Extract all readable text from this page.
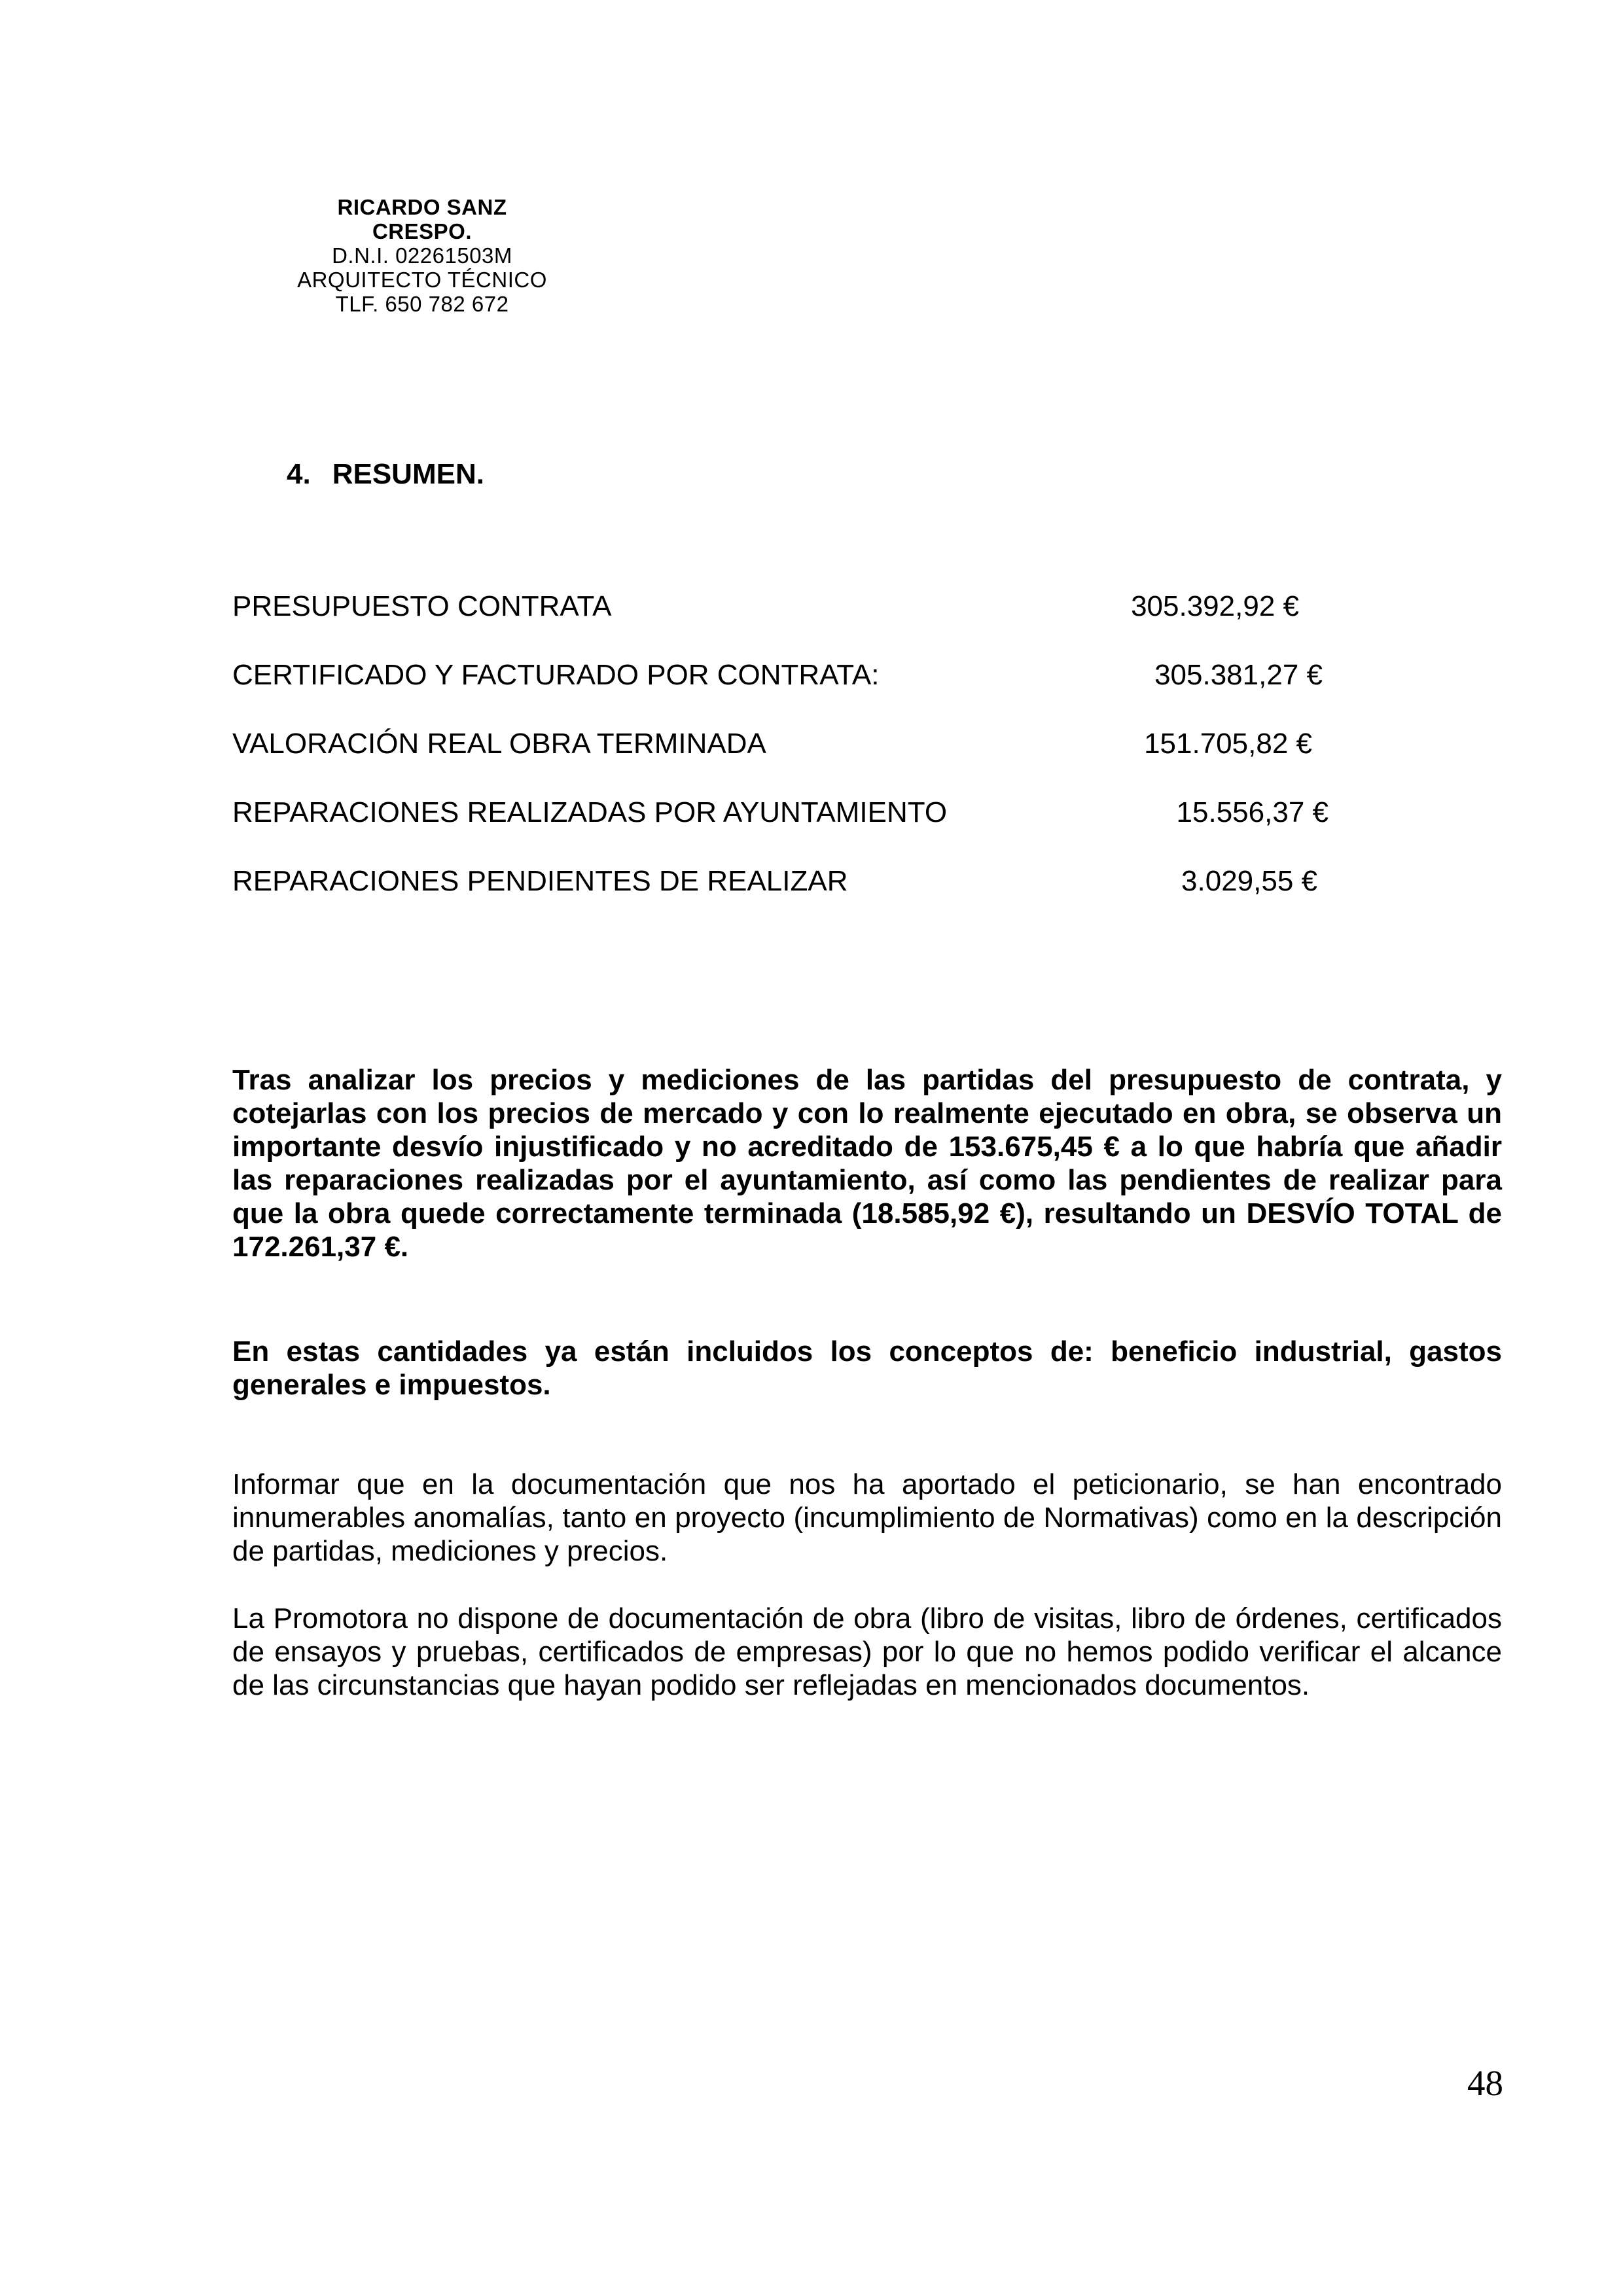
RICARDO SANZ CRESPO.
D.N.I. 02261503M
ARQUITECTO TÉCNICO
TLF. 650 782 672
4. RESUMEN.
PRESUPUESTO CONTRATA	305.392,92 €
CERTIFICADO Y FACTURADO POR CONTRATA:	305.381,27 €
VALORACIÓN REAL OBRA TERMINADA	151.705,82 €
REPARACIONES REALIZADAS POR AYUNTAMIENTO	15.556,37 €
REPARACIONES PENDIENTES DE REALIZAR	3.029,55 €

Tras analizar los precios y mediciones de las partidas del presupuesto de contrata, y cotejarlas con los precios de mercado y con lo realmente ejecutado en obra, se observa un importante desvío injustificado y no acreditado de 153.675,45 € a lo que habría que añadir las reparaciones realizadas por el ayuntamiento, así como las pendientes de realizar para que la obra quede correctamente terminada (18.585,92 €), resultando un DESVÍO TOTAL de 172.261,37 €.

En estas cantidades ya están incluidos los conceptos de: beneficio industrial, gastos generales e impuestos.

Informar que en la documentación que nos ha aportado el peticionario, se han encontrado innumerables anomalías, tanto en proyecto (incumplimiento de Normativas) como en la descripción de partidas, mediciones y precios.

La Promotora no dispone de documentación de obra (libro de visitas, libro de órdenes, certificados de ensayos y pruebas, certificados de empresas) por lo que no hemos podido verificar el alcance de las circunstancias que hayan podido ser reflejadas en mencionados documentos.

48
